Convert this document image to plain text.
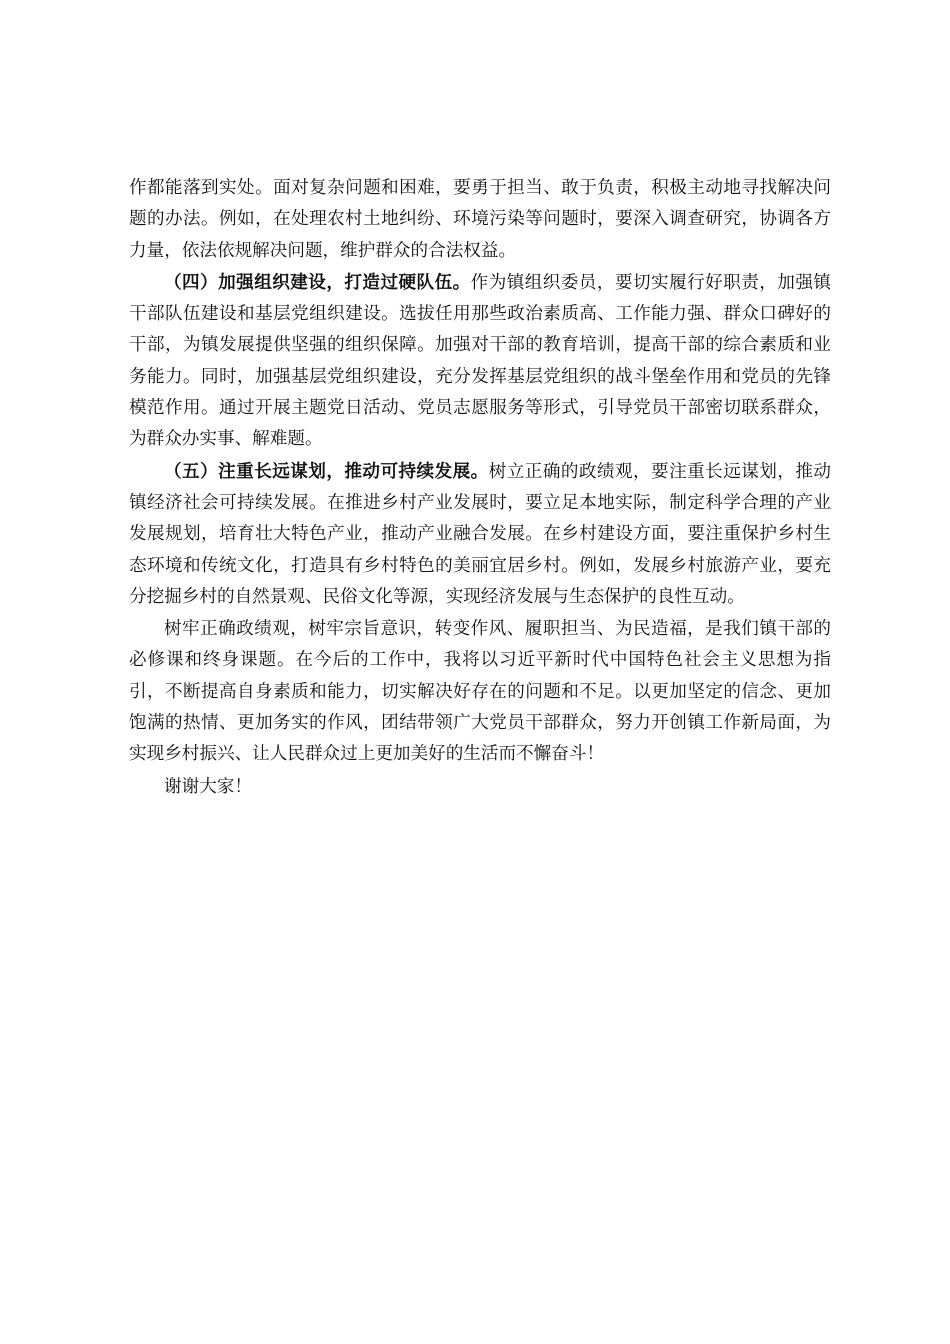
作都能落到实处。面对复杂问题和困难，要勇于担当、敢于负责，积极主动地寻找解决问题的办法。例如，在处理农村土地纠纷、环境污染等问题时，要深入调查研究，协调各方力量，依法依规解决问题，维护群众的合法权益。

（四）加强组织建设，打造过硬队伍。作为镇组织委员，要切实履行好职责，加强镇干部队伍建设和基层党组织建设。选拔任用那些政治素质高、工作能力强、群众口碑好的干部，为镇发展提供坚强的组织保障。加强对干部的教育培训，提高干部的综合素质和业务能力。同时，加强基层党组织建设，充分发挥基层党组织的战斗堡垒作用和党员的先锋模范作用。通过开展主题党日活动、党员志愿服务等形式，引导党员干部密切联系群众，为群众办实事、解难题。

（五）注重长远谋划，推动可持续发展。树立正确的政绩观，要注重长远谋划，推动镇经济社会可持续发展。在推进乡村产业发展时，要立足本地实际，制定科学合理的产业发展规划，培育壮大特色产业，推动产业融合发展。在乡村建设方面，要注重保护乡村生态环境和传统文化，打造具有乡村特色的美丽宜居乡村。例如，发展乡村旅游产业，要充分挖掘乡村的自然景观、民俗文化等源，实现经济发展与生态保护的良性互动。

树牢正确政绩观，树牢宗旨意识，转变作风、履职担当、为民造福，是我们镇干部的必修课和终身课题。在今后的工作中，我将以习近平新时代中国特色社会主义思想为指引，不断提高自身素质和能力，切实解决好存在的问题和不足。以更加坚定的信念、更加饱满的热情、更加务实的作风，团结带领广大党员干部群众，努力开创镇工作新局面，为实现乡村振兴、让人民群众过上更加美好的生活而不懈奋斗！

谢谢大家！
